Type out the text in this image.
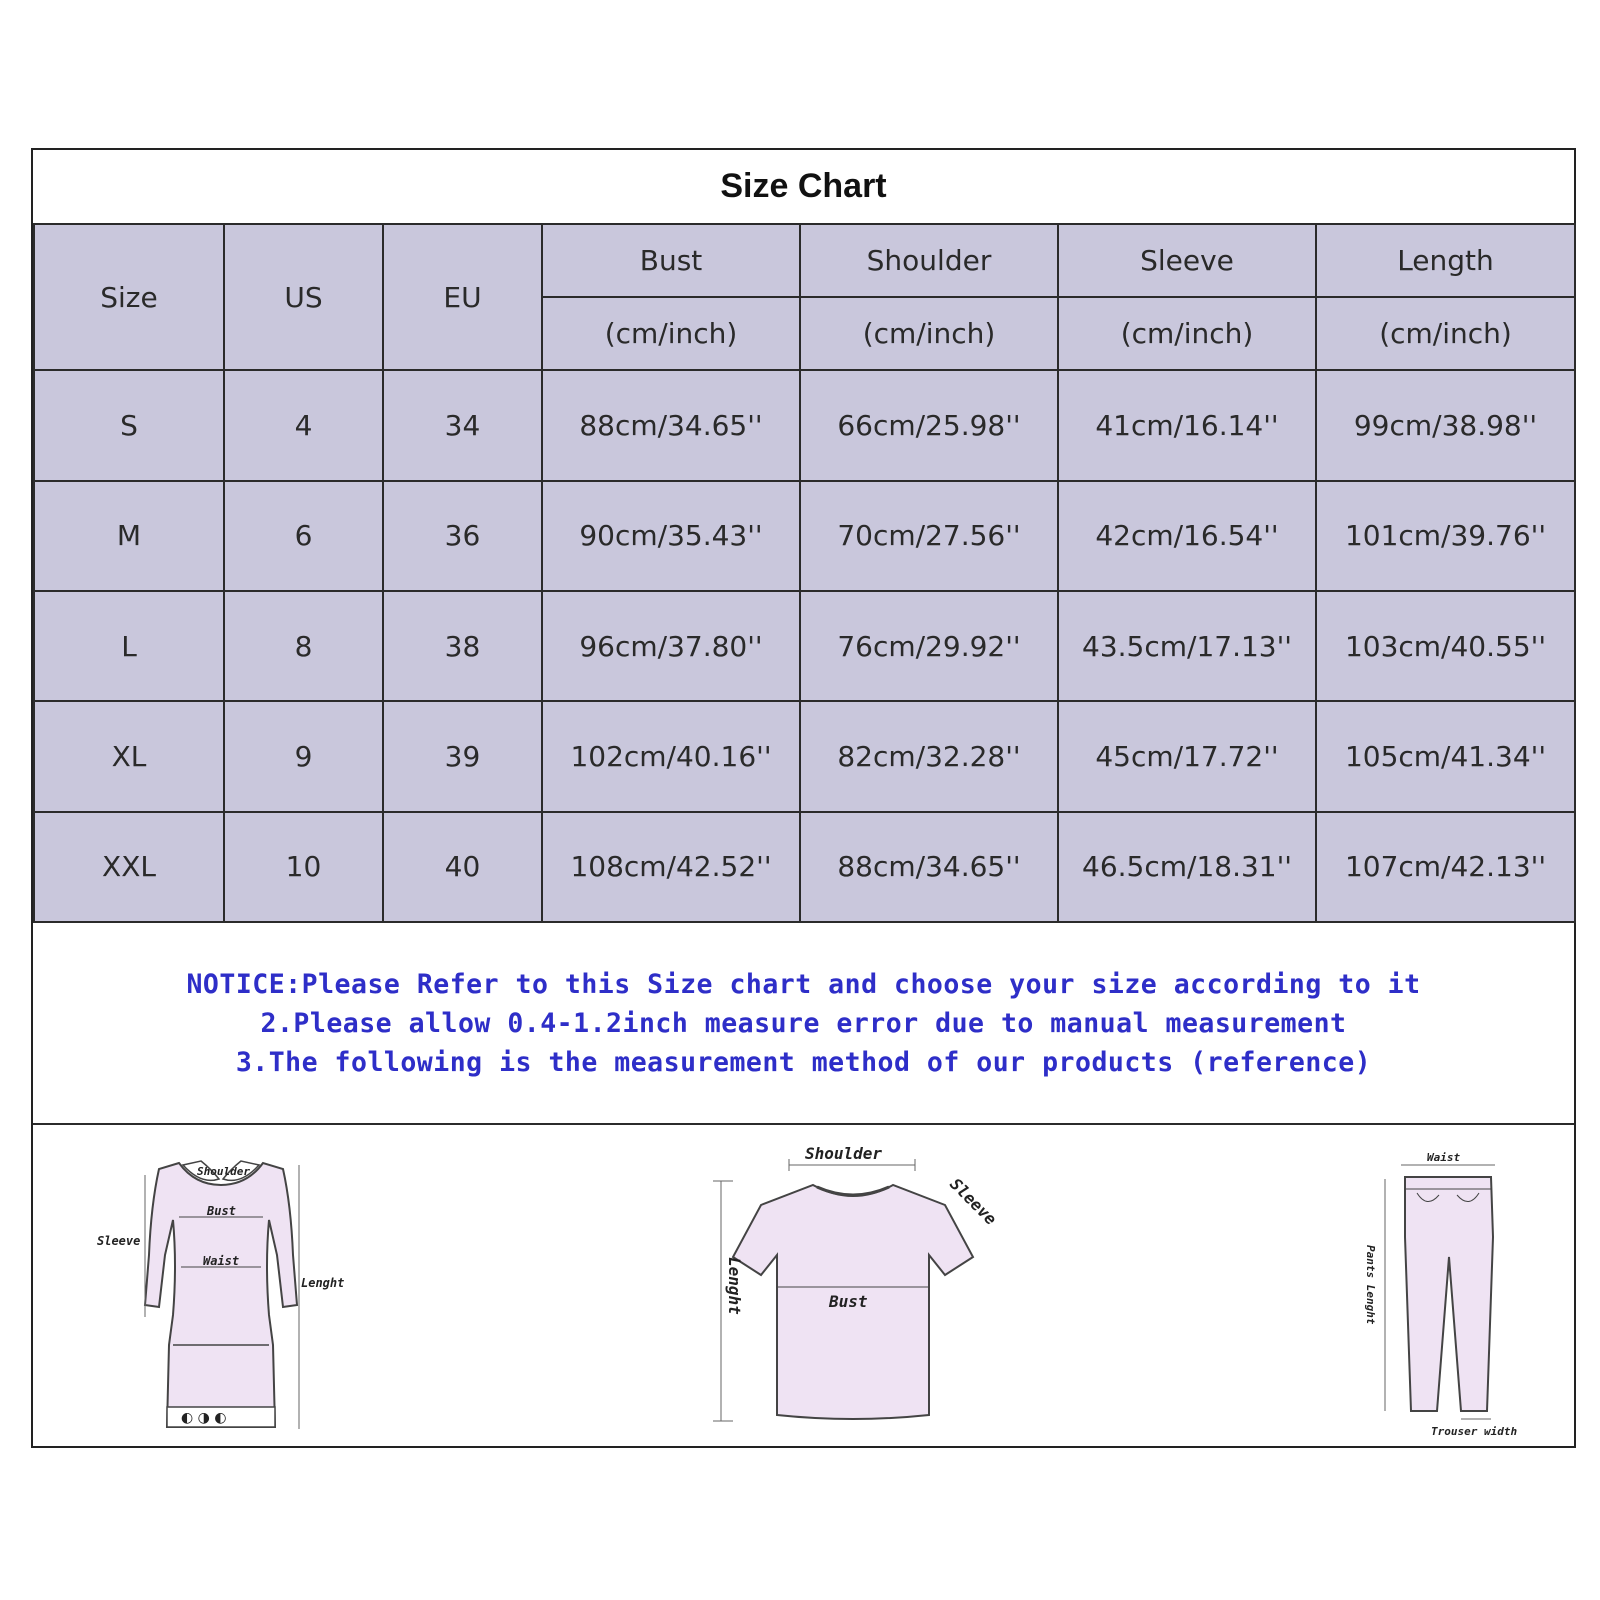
Size Chart
Size	US	EU	Bust	Shoulder	Sleeve	Length
			(cm/inch)	(cm/inch)	(cm/inch)	(cm/inch)
S	4	34	88cm/34.65''	66cm/25.98''	41cm/16.14''	99cm/38.98''
M	6	36	90cm/35.43''	70cm/27.56''	42cm/16.54''	101cm/39.76''
L	8	38	96cm/37.80''	76cm/29.92''	43.5cm/17.13''	103cm/40.55''
XL	9	39	102cm/40.16''	82cm/32.28''	45cm/17.72''	105cm/41.34''
XXL	10	40	108cm/42.52''	88cm/34.65''	46.5cm/18.31''	107cm/42.13''
NOTICE:Please Refer to this Size chart and choose your size according to it
2.Please allow 0.4-1.2inch measure error due to manual measurement
3.The following is the measurement method of our products (reference)
◐ ◑ ◐
Shoulder
Bust
Waist
Sleeve
Lenght
Shoulder
Sleeve
Bust
Lenght
Waist
Pants Lenght
Trouser width
